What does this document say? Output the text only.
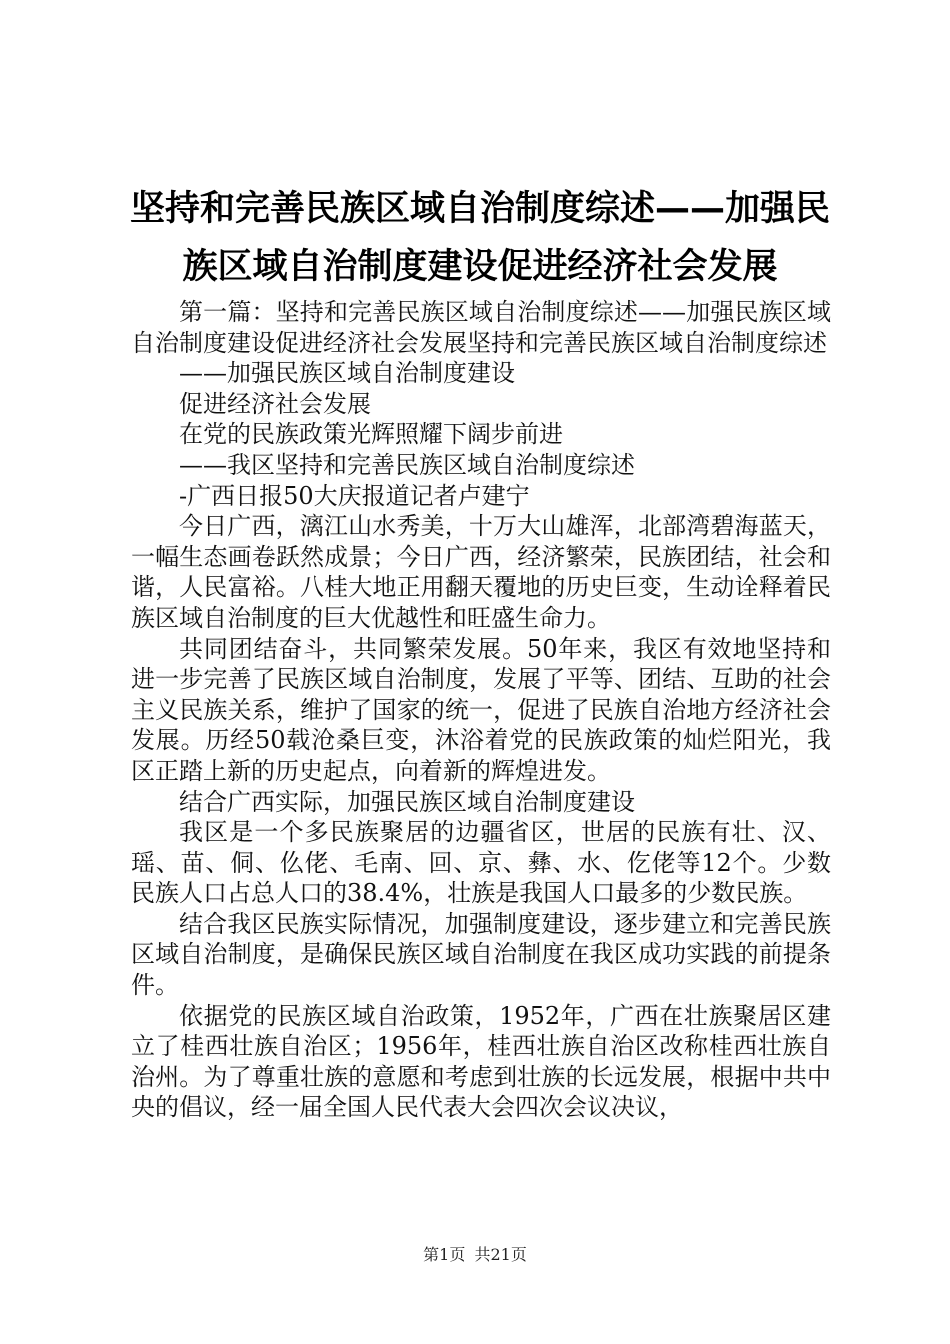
坚持和完善民族区域自治制度综述——加强民
族区域自治制度建设促进经济社会发展

第一篇：坚持和完善民族区域自治制度综述——加强民族区域自治制度建设促进经济社会发展坚持和完善民族区域自治制度综述

——加强民族区域自治制度建设

促进经济社会发展

在党的民族政策光辉照耀下阔步前进

——我区坚持和完善民族区域自治制度综述

-广西日报50大庆报道记者卢建宁

今日广西，漓江山水秀美，十万大山雄浑，北部湾碧海蓝天，一幅生态画卷跃然成景；今日广西，经济繁荣，民族团结，社会和谐，人民富裕。八桂大地正用翻天覆地的历史巨变，生动诠释着民族区域自治制度的巨大优越性和旺盛生命力。

共同团结奋斗，共同繁荣发展。50年来，我区有效地坚持和进一步完善了民族区域自治制度，发展了平等、团结、互助的社会主义民族关系，维护了国家的统一，促进了民族自治地方经济社会发展。历经50载沧桑巨变，沐浴着党的民族政策的灿烂阳光，我区正踏上新的历史起点，向着新的辉煌进发。

结合广西实际，加强民族区域自治制度建设

我区是一个多民族聚居的边疆省区，世居的民族有壮、汉、瑶、苗、侗、仫佬、毛南、回、京、彝、水、仡佬等12个。少数民族人口占总人口的38.4%，壮族是我国人口最多的少数民族。

结合我区民族实际情况，加强制度建设，逐步建立和完善民族区域自治制度，是确保民族区域自治制度在我区成功实践的前提条件。

依据党的民族区域自治政策，1952年，广西在壮族聚居区建立了桂西壮族自治区；1956年，桂西壮族自治区改称桂西壮族自治州。为了尊重壮族的意愿和考虑到壮族的长远发展，根据中共中央的倡议，经一届全国人民代表大会四次会议决议，

第1页 共21页
